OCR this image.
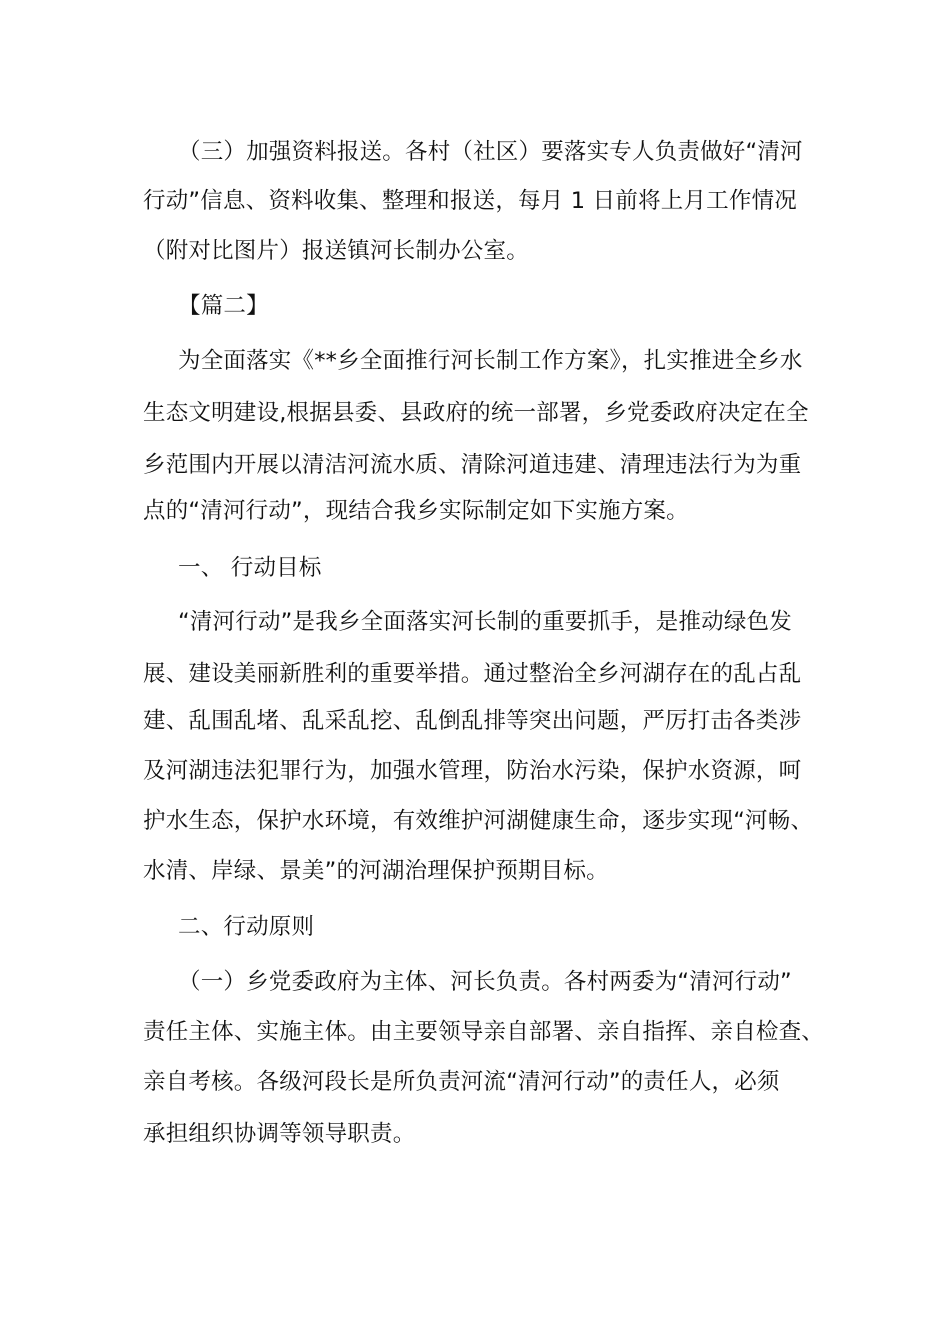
（三）加强资料报送。各村（社区）要落实专人负责做好“清河
行动”信息、资料收集、整理和报送，每月 1 日前将上月工作情况
（附对比图片）报送镇河长制办公室。
【篇二】
为全面落实《**乡全面推行河长制工作方案》，扎实推进全乡水
生态文明建设,根据县委、县政府的统一部署，乡党委政府决定在全
乡范围内开展以清洁河流水质、清除河道违建、清理违法行为为重
点的“清河行动”，现结合我乡实际制定如下实施方案。
一、 行动目标
“清河行动”是我乡全面落实河长制的重要抓手，是推动绿色发
展、建设美丽新胜利的重要举措。通过整治全乡河湖存在的乱占乱
建、乱围乱堵、乱采乱挖、乱倒乱排等突出问题，严厉打击各类涉
及河湖违法犯罪行为，加强水管理，防治水污染，保护水资源，呵
护水生态，保护水环境，有效维护河湖健康生命，逐步实现“河畅、
水清、岸绿、景美”的河湖治理保护预期目标。
二、行动原则
（一）乡党委政府为主体、河长负责。各村两委为“清河行动”
责任主体、实施主体。由主要领导亲自部署、亲自指挥、亲自检查、
亲自考核。各级河段长是所负责河流“清河行动”的责任人，必须
承担组织协调等领导职责。
